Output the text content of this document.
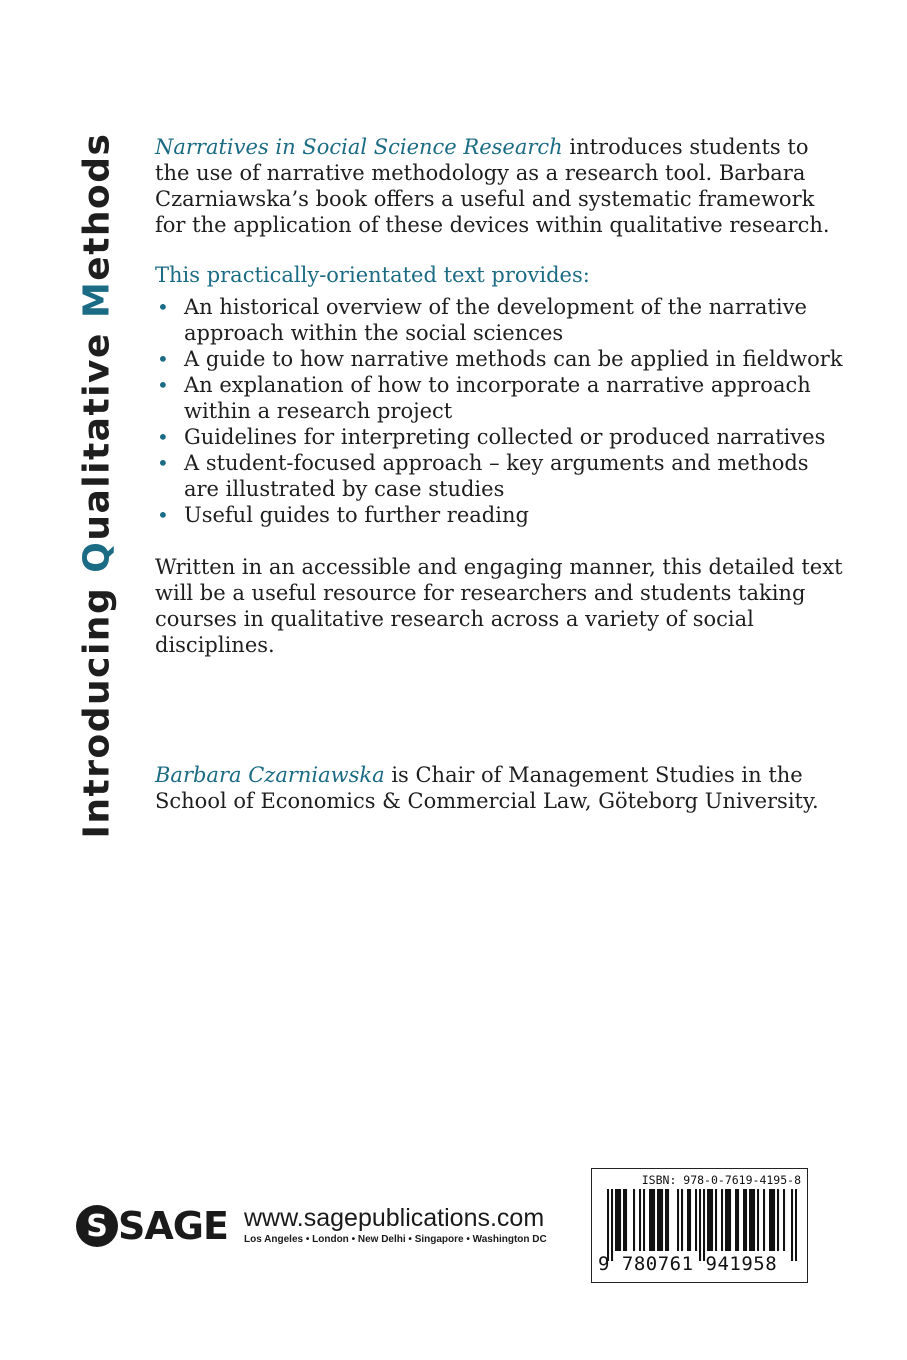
Introducing Qualitative Methods Narratives in Social Science Research introduces students to the use of narrative methodology as a research tool. Barbara Czarniawska’s book offers a useful and systematic framework for the application of these devices within qualitative research.

This practically-orientated text provides:

• An historical overview of the development of the narrative approach within the social sciences
• A guide to how narrative methods can be applied in fieldwork
• An explanation of how to incorporate a narrative approach within a research project
• Guidelines for interpreting collected or produced narratives
• A student-focused approach – key arguments and methods are illustrated by case studies
• Useful guides to further reading

Written in an accessible and engaging manner, this detailed text will be a useful resource for researchers and students taking courses in qualitative research across a variety of social disciplines.

Barbara Czarniawska is Chair of Management Studies in the School of Economics & Commercial Law, Göteborg University.

S SAGE www.sagepublications.com
Los Angeles • London • New Delhi • Singapore • Washington DC
ISBN: 978-0-7619-4195-8
9 780761 941958
